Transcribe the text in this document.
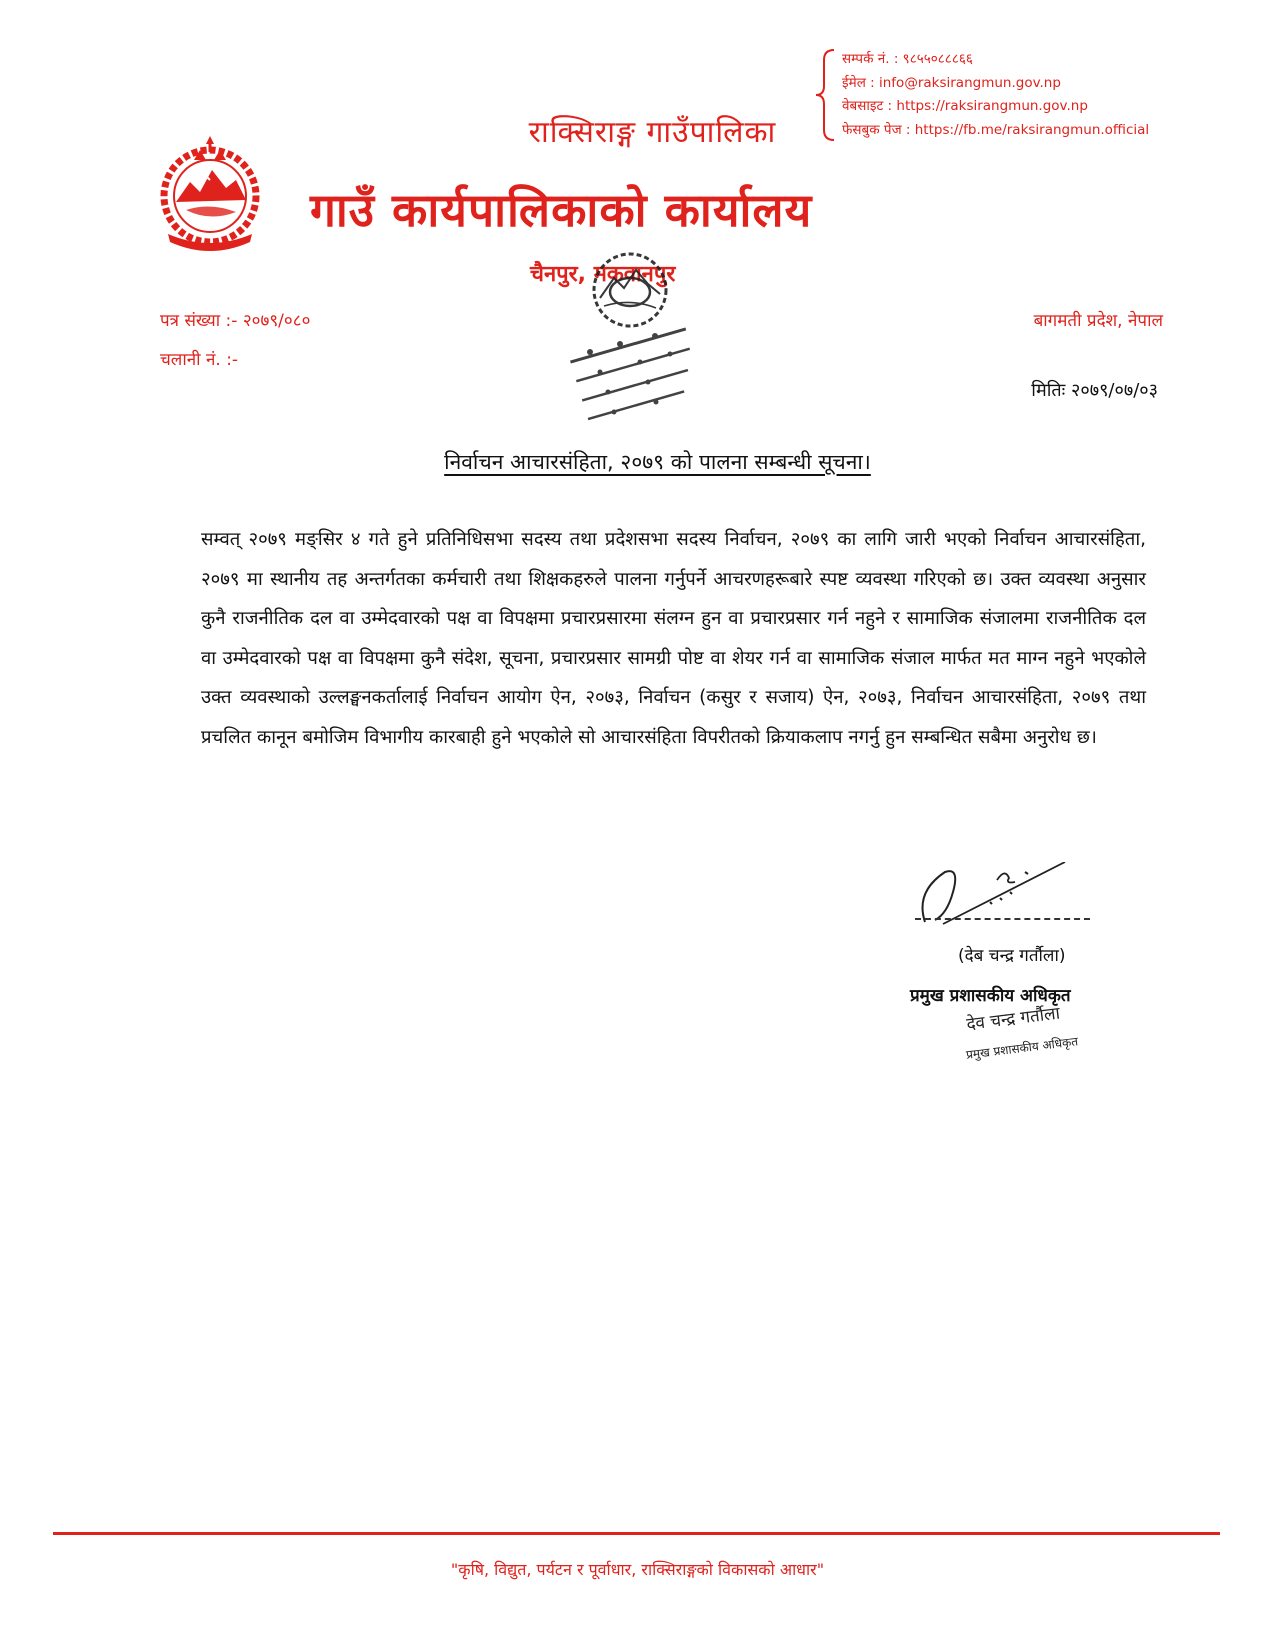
सम्पर्क नं. : ९८५५०८८८६६
ईमेल : info@raksirangmun.gov.np
वेबसाइट : https://raksirangmun.gov.np
फेसबुक पेज : https://fb.me/raksirangmun.official
राक्सिराङ्ग गाउँपालिका
गाउँ कार्यपालिकाको कार्यालय
चैनपुर, मकवानपुर
पत्र संख्या :- २०७९/०८०
चलानी नं. :-
बागमती प्रदेश, नेपाल
मितिः २०७९/०७/०३
निर्वाचन आचारसंहिता, २०७९ को पालना सम्बन्धी सूचना।
सम्वत् २०७९ मङ्सिर ४ गते हुने प्रतिनिधिसभा सदस्य तथा प्रदेशसभा सदस्य निर्वाचन, २०७९ का लागि जारी भएको निर्वाचन आचारसंहिता, २०७९ मा स्थानीय तह अन्तर्गतका कर्मचारी तथा शिक्षकहरुले पालना गर्नुपर्ने आचरणहरूबारे स्पष्ट व्यवस्था गरिएको छ। उक्त व्यवस्था अनुसार कुनै राजनीतिक दल वा उम्मेदवारको पक्ष वा विपक्षमा प्रचारप्रसारमा संलग्न हुन वा प्रचारप्रसार गर्न नहुने र सामाजिक संजालमा राजनीतिक दल वा उम्मेदवारको पक्ष वा विपक्षमा कुनै संदेश, सूचना, प्रचारप्रसार सामग्री पोष्ट वा शेयर गर्न वा सामाजिक संजाल मार्फत मत माग्न नहुने भएकोले उक्त व्यवस्थाको उल्लङ्घनकर्तालाई निर्वाचन आयोग ऐन, २०७३, निर्वाचन (कसुर र सजाय) ऐन, २०७३, निर्वाचन आचारसंहिता, २०७९ तथा प्रचलित कानून बमोजिम विभागीय कारबाही हुने भएकोले सो आचारसंहिता विपरीतको क्रियाकलाप नगर्नु हुन सम्बन्धित सबैमा अनुरोध छ।
(देब चन्द्र गर्तौला)
प्रमुख प्रशासकीय अधिकृत
देव चन्द्र गर्तौला
प्रमुख प्रशासकीय अधिकृत
"कृषि, विद्युत, पर्यटन र पूर्वाधार, राक्सिराङ्गको विकासको आधार"
